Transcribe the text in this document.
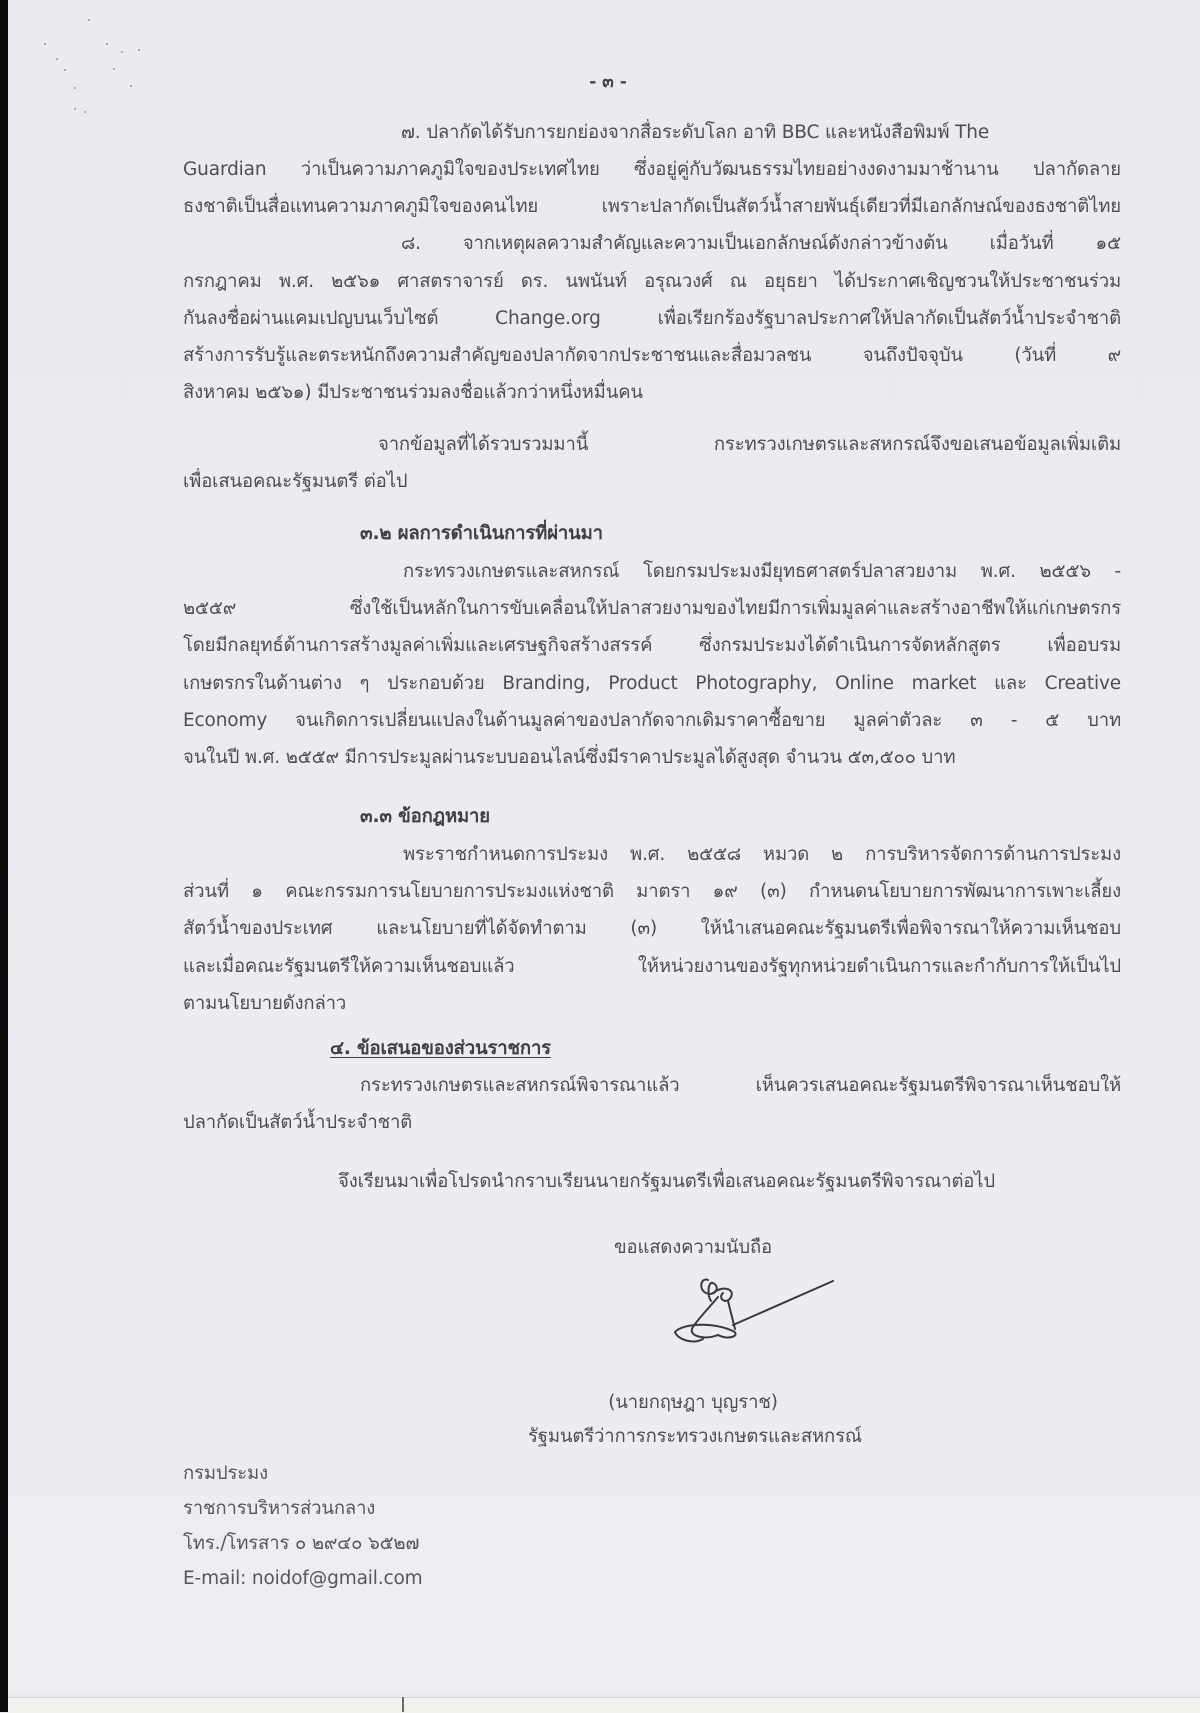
- ๓ -
๗. ปลากัดได้รับการยกย่องจากสื่อระดับโลก อาทิ BBC และหนังสือพิมพ์ The
Guardian ว่าเป็นความภาคภูมิใจของประเทศไทย ซึ่งอยู่คู่กับวัฒนธรรมไทยอย่างงดงามมาช้านาน ปลากัดลาย
ธงชาติเป็นสื่อแทนความภาคภูมิใจของคนไทย เพราะปลากัดเป็นสัตว์น้ำสายพันธุ์เดียวที่มีเอกลักษณ์ของธงชาติไทย
๘. จากเหตุผลความสำคัญและความเป็นเอกลักษณ์ดังกล่าวข้างต้น เมื่อวันที่ ๑๕
กรกฎาคม พ.ศ. ๒๕๖๑ ศาสตราจารย์ ดร. นพนันท์ อรุณวงศ์ ณ อยุธยา ได้ประกาศเชิญชวนให้ประชาชนร่วม
กันลงชื่อผ่านแคมเปญบนเว็บไซต์ Change.org เพื่อเรียกร้องรัฐบาลประกาศให้ปลากัดเป็นสัตว์น้ำประจำชาติ
สร้างการรับรู้และตระหนักถึงความสำคัญของปลากัดจากประชาชนและสื่อมวลชน จนถึงปัจจุบัน (วันที่ ๙
สิงหาคม ๒๕๖๑) มีประชาชนร่วมลงชื่อแล้วกว่าหนึ่งหมื่นคน
จากข้อมูลที่ได้รวบรวมมานี้ กระทรวงเกษตรและสหกรณ์จึงขอเสนอข้อมูลเพิ่มเติม
เพื่อเสนอคณะรัฐมนตรี ต่อไป
๓.๒ ผลการดำเนินการที่ผ่านมา
กระทรวงเกษตรและสหกรณ์ โดยกรมประมงมียุทธศาสตร์ปลาสวยงาม พ.ศ. ๒๕๕๖ -
๒๕๕๙ ซึ่งใช้เป็นหลักในการขับเคลื่อนให้ปลาสวยงามของไทยมีการเพิ่มมูลค่าและสร้างอาชีพให้แก่เกษตรกร
โดยมีกลยุทธ์ด้านการสร้างมูลค่าเพิ่มและเศรษฐกิจสร้างสรรค์ ซึ่งกรมประมงได้ดำเนินการจัดหลักสูตร เพื่ออบรม
เกษตรกรในด้านต่าง ๆ ประกอบด้วย Branding, Product Photography, Online market และ Creative
Economy จนเกิดการเปลี่ยนแปลงในด้านมูลค่าของปลากัดจากเดิมราคาซื้อขาย มูลค่าตัวละ ๓ - ๕ บาท
จนในปี พ.ศ. ๒๕๕๙ มีการประมูลผ่านระบบออนไลน์ซึ่งมีราคาประมูลได้สูงสุด จำนวน ๕๓,๕๐๐ บาท
๓.๓ ข้อกฎหมาย
พระราชกำหนดการประมง พ.ศ. ๒๕๕๘ หมวด ๒ การบริหารจัดการด้านการประมง
ส่วนที่ ๑ คณะกรรมการนโยบายการประมงแห่งชาติ มาตรา ๑๙ (๓) กำหนดนโยบายการพัฒนาการเพาะเลี้ยง
สัตว์น้ำของประเทศ และนโยบายที่ได้จัดทำตาม (๓) ให้นำเสนอคณะรัฐมนตรีเพื่อพิจารณาให้ความเห็นชอบ
และเมื่อคณะรัฐมนตรีให้ความเห็นชอบแล้ว ให้หน่วยงานของรัฐทุกหน่วยดำเนินการและกำกับการให้เป็นไป
ตามนโยบายดังกล่าว
๔. ข้อเสนอของส่วนราชการ
กระทรวงเกษตรและสหกรณ์พิจารณาแล้ว เห็นควรเสนอคณะรัฐมนตรีพิจารณาเห็นชอบให้
ปลากัดเป็นสัตว์น้ำประจำชาติ
จึงเรียนมาเพื่อโปรดนำกราบเรียนนายกรัฐมนตรีเพื่อเสนอคณะรัฐมนตรีพิจารณาต่อไป
ขอแสดงความนับถือ
(นายกฤษฎา บุญราช)
รัฐมนตรีว่าการกระทรวงเกษตรและสหกรณ์
กรมประมง
ราชการบริหารส่วนกลาง
โทร./โทรสาร ๐ ๒๙๔๐ ๖๕๒๗
E-mail: noidof@gmail.com
